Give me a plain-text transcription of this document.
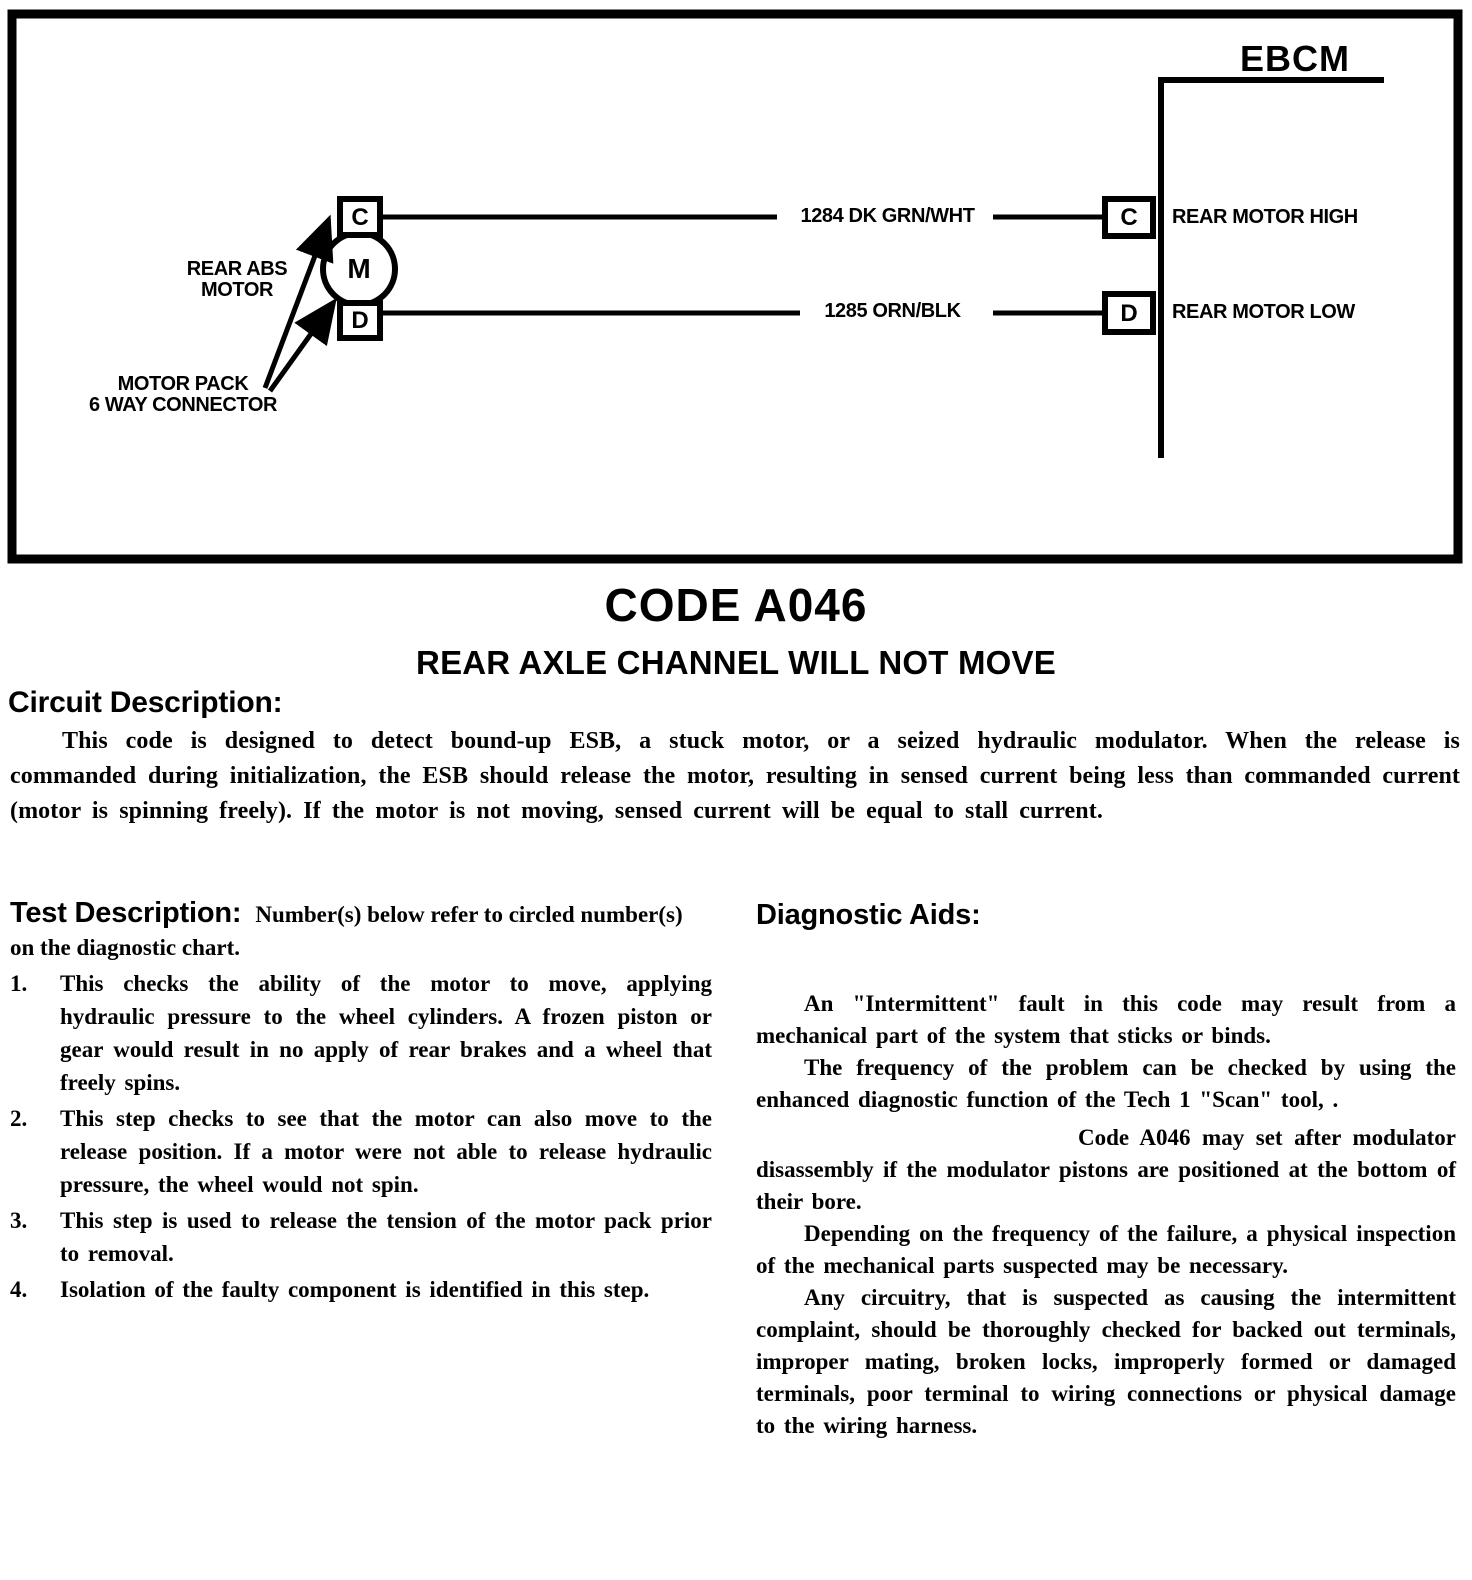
EBCM
C
M
D
C
D
REAR ABS
MOTOR
MOTOR PACK
6 WAY CONNECTOR
1284 DK GRN/WHT
1285 ORN/BLK
REAR MOTOR HIGH
REAR MOTOR LOW
CODE A046
REAR AXLE CHANNEL WILL NOT MOVE
Circuit Description:

This code is designed to detect bound-up ESB, a stuck motor, or a seized hydraulic modulator. When the release is commanded during initialization, the ESB should release the motor, resulting in sensed current being less than commanded current (motor is spinning freely). If the motor is not moving, sensed current will be equal to stall current.

Test Description: Number(s) below refer to circled number(s) on the diagnostic chart.

1.	This checks the ability of the motor to move, applying hydraulic pressure to the wheel cylinders. A frozen piston or gear would result in no apply of rear brakes and a wheel that freely spins.
2.	This step checks to see that the motor can also move to the release position. If a motor were not able to release hydraulic pressure, the wheel would not spin.
3.	This step is used to release the tension of the motor pack prior to removal.
4.	Isolation of the faulty component is identified in this step.
Diagnostic Aids:

An "Intermittent" fault in this code may result from a mechanical part of the system that sticks or binds.

The frequency of the problem can be checked by using the enhanced diagnostic function of the Tech 1 "Scan" tool, .

Code A046 may set after modulator disassembly if the modulator pistons are positioned at the bottom of their bore.

Depending on the frequency of the failure, a physical inspection of the mechanical parts suspected may be necessary.

Any circuitry, that is suspected as causing the intermittent complaint, should be thoroughly checked for backed out terminals, improper mating, broken locks, improperly formed or damaged terminals, poor terminal to wiring connections or physical damage to the wiring harness.
